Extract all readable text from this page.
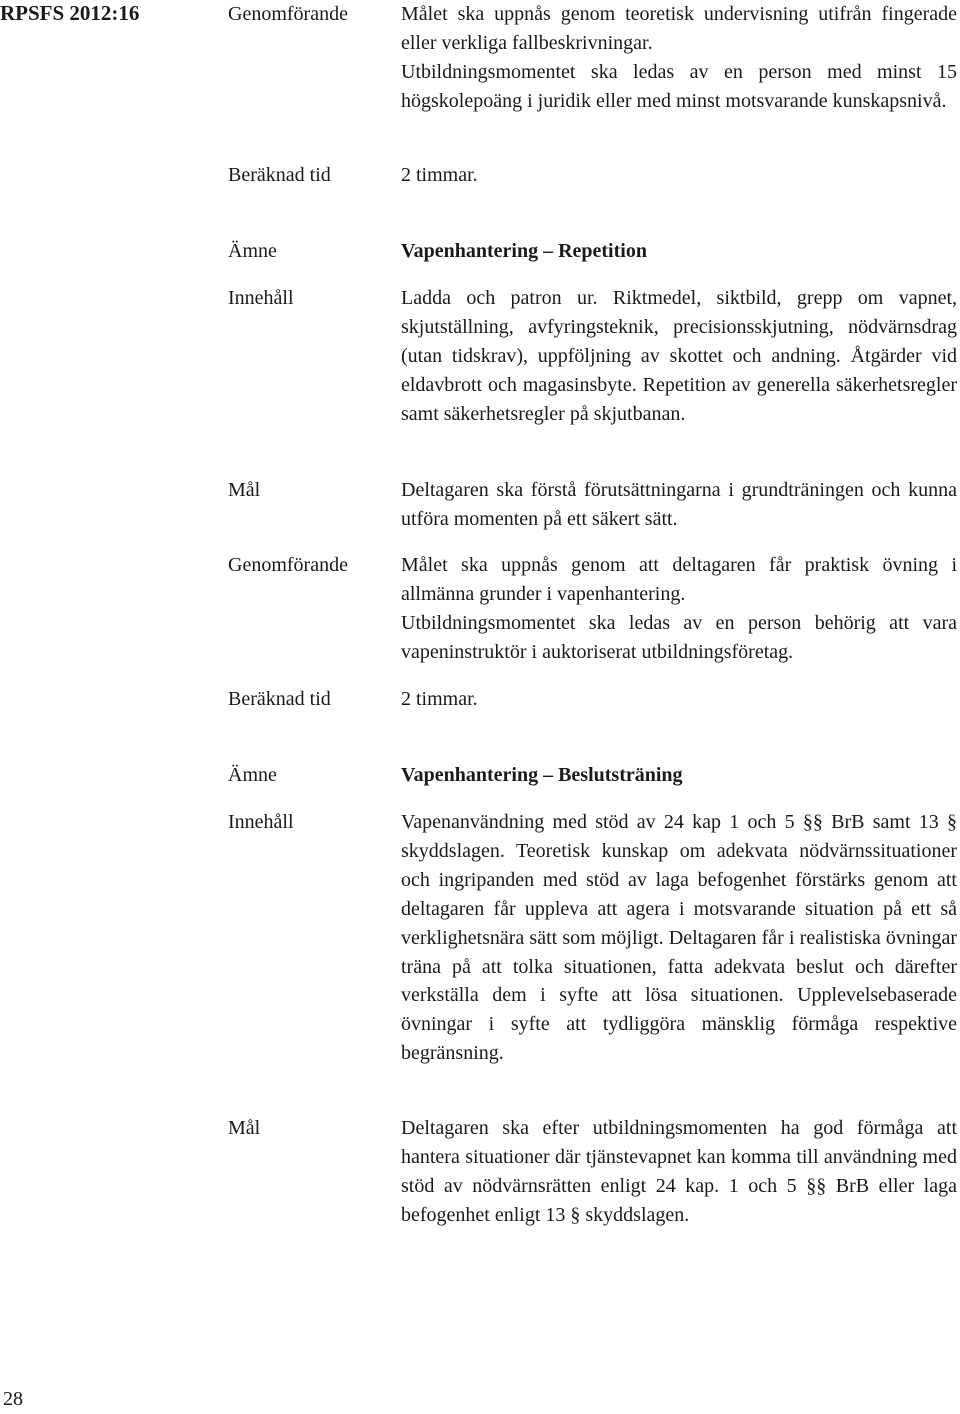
RPSFS 2012:16	Genomförande	Målet ska uppnås genom teoretisk undervisning utifrån fingerade eller verkliga fallbeskrivningar.

Utbildningsmomentet ska ledas av en person med minst 15 högskolepoäng i juridik eller med minst motsvarande kunskapsnivå.

Beräknad tid	2 timmar.

Ämne	Vapenhantering – Repetition

Innehåll	Ladda och patron ur. Riktmedel, siktbild, grepp om vapnet, skjutställning, avfyringsteknik, precisionsskjutning, nödvärnsdrag (utan tidskrav), uppföljning av skottet och andning. Åtgärder vid eldavbrott och magasinsbyte. Repetition av generella säkerhetsregler samt säkerhetsregler på skjutbanan.

Mål	Deltagaren ska förstå förutsättningarna i grundträningen och kunna utföra momenten på ett säkert sätt.

Genomförande	Målet ska uppnås genom att deltagaren får praktisk övning i allmänna grunder i vapenhantering.

Utbildningsmomentet ska ledas av en person behörig att vara vapeninstruktör i auktoriserat utbildningsföretag.

Beräknad tid	2 timmar.

Ämne	Vapenhantering – Beslutsträning

Innehåll	Vapenanvändning med stöd av 24 kap 1 och 5 §§ BrB samt 13 § skyddslagen. Teoretisk kunskap om adekvata nödvärnssituationer och ingripanden med stöd av laga befogenhet förstärks genom att deltagaren får uppleva att agera i motsvarande situation på ett så verklighetsnära sätt som möjligt. Deltagaren får i realistiska övningar träna på att tolka situationen, fatta adekvata beslut och därefter verkställa dem i syfte att lösa situationen. Upplevelsebaserade övningar i syfte att tydliggöra mänsklig förmåga respektive begränsning.

Mål	Deltagaren ska efter utbildningsmomenten ha god förmåga att hantera situationer där tjänstevapnet kan komma till användning med stöd av nödvärnsrätten enligt 24 kap. 1 och 5 §§ BrB eller laga befogenhet enligt 13 § skyddslagen.

28
